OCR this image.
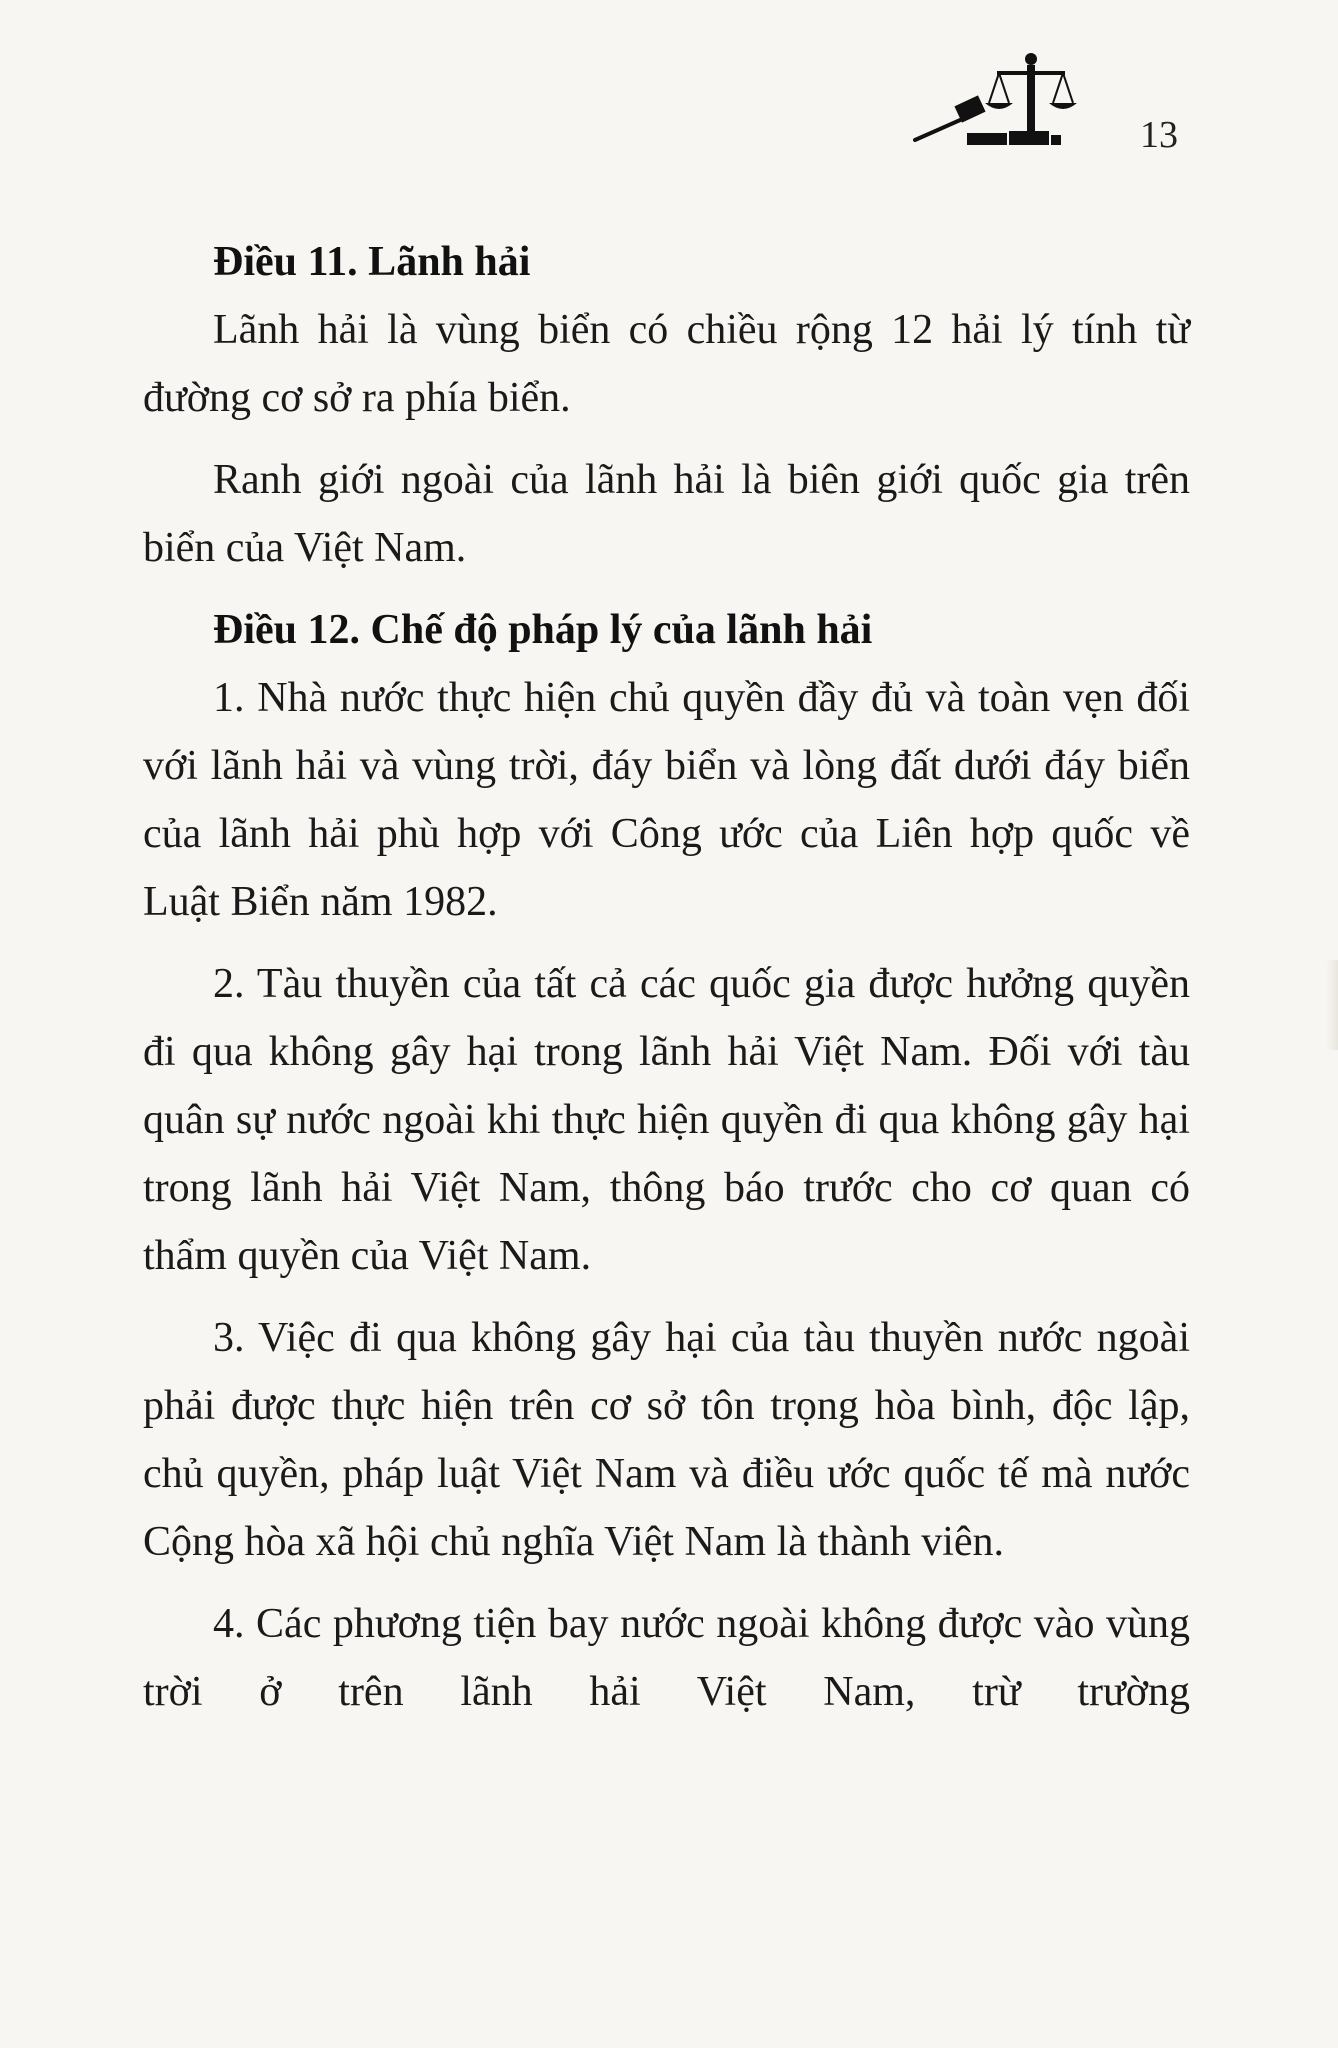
13
Điều 11. Lãnh hải

Lãnh hải là vùng biển có chiều rộng 12 hải lý tính từ đường cơ sở ra phía biển.

Ranh giới ngoài của lãnh hải là biên giới quốc gia trên biển của Việt Nam.

Điều 12. Chế độ pháp lý của lãnh hải

1. Nhà nước thực hiện chủ quyền đầy đủ và toàn vẹn đối với lãnh hải và vùng trời, đáy biển và lòng đất dưới đáy biển của lãnh hải phù hợp với Công ước của Liên hợp quốc về Luật Biển năm 1982.

2. Tàu thuyền của tất cả các quốc gia được hưởng quyền đi qua không gây hại trong lãnh hải Việt Nam. Đối với tàu quân sự nước ngoài khi thực hiện quyền đi qua không gây hại trong lãnh hải Việt Nam, thông báo trước cho cơ quan có thẩm quyền của Việt Nam.

3. Việc đi qua không gây hại của tàu thuyền nước ngoài phải được thực hiện trên cơ sở tôn trọng hòa bình, độc lập, chủ quyền, pháp luật Việt Nam và điều ước quốc tế mà nước Cộng hòa xã hội chủ nghĩa Việt Nam là thành viên.

4. Các phương tiện bay nước ngoài không được vào vùng trời ở trên lãnh hải Việt Nam, trừ trường
